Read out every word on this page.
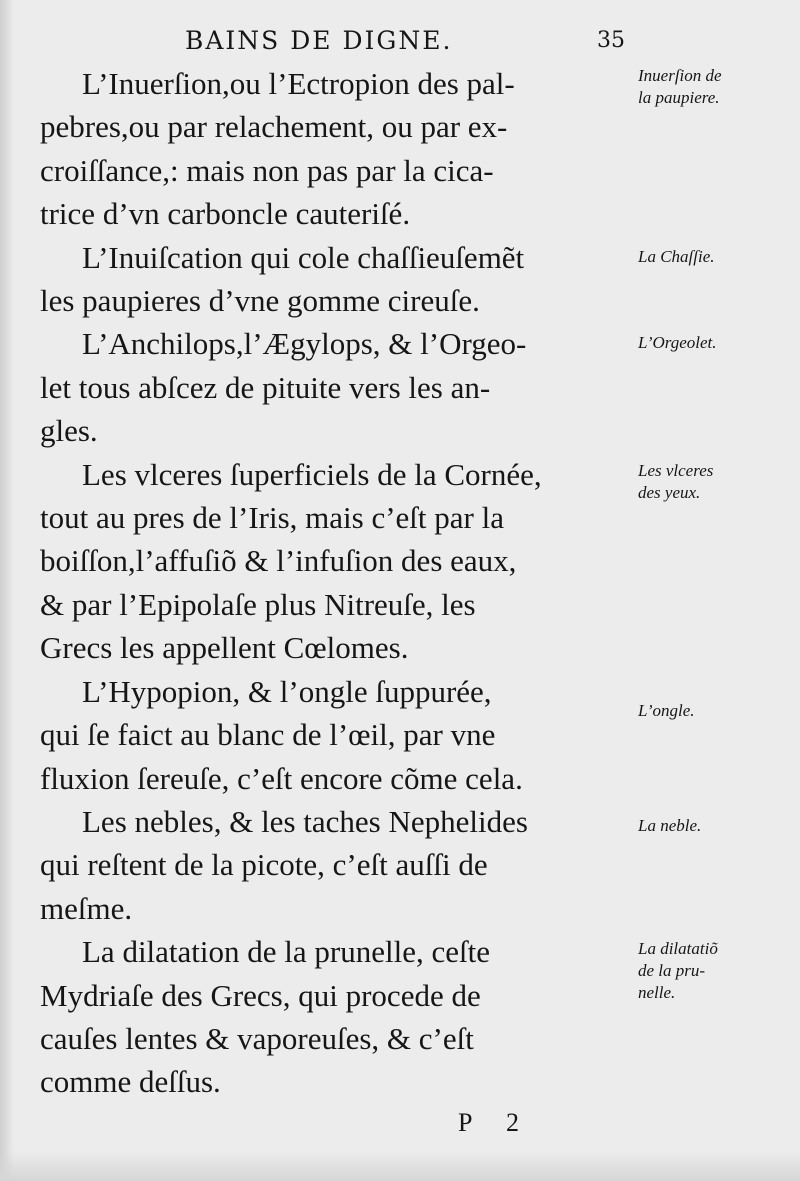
BAINS DE DIGNE.	35

L’Inuerſion,ou l’Ectropion des pal-
pebres,ou par relachement, ou par ex-
croiſſance,: mais non pas par la cica-
trice d’vn carboncle cauteriſé.

L’Inuiſcation qui cole chaſſieuſemẽt
les paupieres d’vne gomme cireuſe.

L’Anchilops,l’Ægylops, & l’Orgeo-
let tous abſcez de pituite vers les an-
gles.

Les vlceres ſuperficiels de la Cornée,
tout au pres de l’Iris, mais c’eſt par la
boiſſon,l’affuſiõ & l’infuſion des eaux,
& par l’Epipolaſe plus Nitreuſe, les
Grecs les appellent Cœlomes.

L’Hypopion, & l’ongle ſuppurée,
qui ſe faict au blanc de l’œil, par vne
fluxion ſereuſe, c’eſt encore cõme cela.

Les nebles, & les taches Nephelides
qui reſtent de la picote, c’eſt auſſi de
meſme.

La dilatation de la prunelle, ceſte
Mydriaſe des Grecs, qui procede de
cauſes lentes & vaporeuſes, & c’eſt
comme deſſus.

Inuerſion de
la paupiere.
La Chaſſie.
L’Orgeolet.
Les vlceres
des yeux.
L’ongle.
La neble.
La dilatatiõ
de la pru-
nelle.
P 2
